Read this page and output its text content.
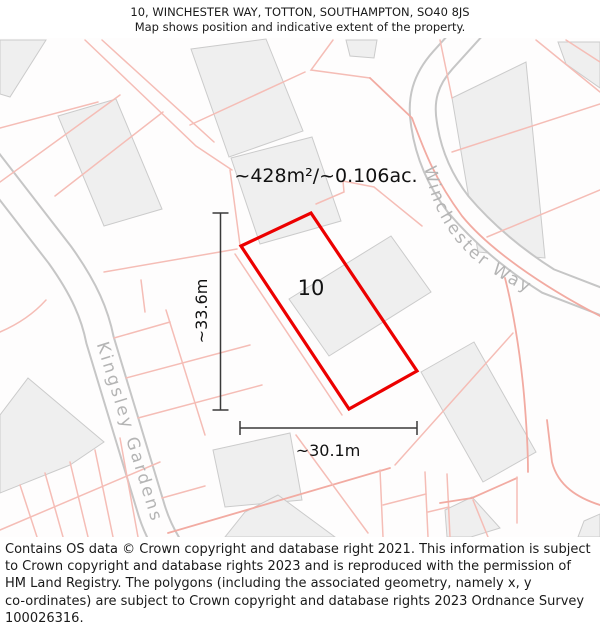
10, WINCHESTER WAY, TOTTON, SOUTHAMPTON, SO40 8JS
Map shows position and indicative extent of the property.
Winchester Way
Kingsley Gardens
~428m²/~0.106ac.
10
~33.6m
~30.1m
Contains OS data © Crown copyright and database right 2021. This information is subject
to Crown copyright and database rights 2023 and is reproduced with the permission of
HM Land Registry. The polygons (including the associated geometry, namely x, y
co-ordinates) are subject to Crown copyright and database rights 2023 Ordnance Survey
100026316.
